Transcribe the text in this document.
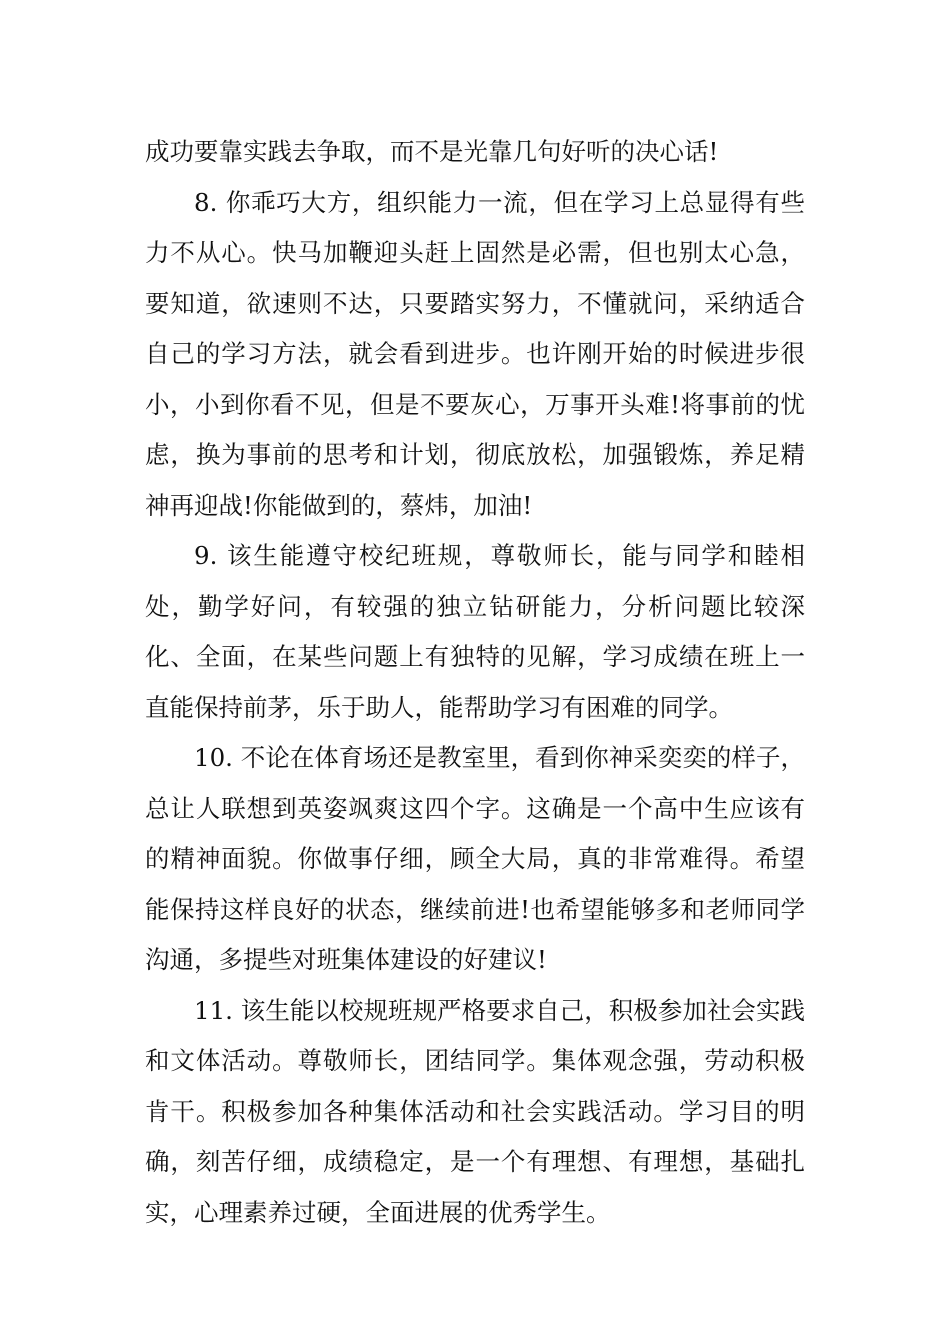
成功要靠实践去争取，而不是光靠几句好听的决心话!

8. 你乖巧大方，组织能力一流，但在学习上总显得有些力不从心。快马加鞭迎头赶上固然是必需，但也别太心急，要知道，欲速则不达，只要踏实努力，不懂就问，采纳适合自己的学习方法，就会看到进步。也许刚开始的时候进步很小，小到你看不见，但是不要灰心，万事开头难!将事前的忧虑，换为事前的思考和计划，彻底放松，加强锻炼，养足精神再迎战!你能做到的，蔡炜，加油!

9. 该生能遵守校纪班规，尊敬师长，能与同学和睦相处，勤学好问，有较强的独立钻研能力，分析问题比较深化、全面，在某些问题上有独特的见解，学习成绩在班上一直能保持前茅，乐于助人，能帮助学习有困难的同学。

10. 不论在体育场还是教室里，看到你神采奕奕的样子，总让人联想到英姿飒爽这四个字。这确是一个高中生应该有的精神面貌。你做事仔细，顾全大局，真的非常难得。希望能保持这样良好的状态，继续前进!也希望能够多和老师同学沟通，多提些对班集体建设的好建议!

11. 该生能以校规班规严格要求自己，积极参加社会实践和文体活动。尊敬师长，团结同学。集体观念强，劳动积极肯干。积极参加各种集体活动和社会实践活动。学习目的明确，刻苦仔细，成绩稳定，是一个有理想、有理想，基础扎实，心理素养过硬，全面进展的优秀学生。
